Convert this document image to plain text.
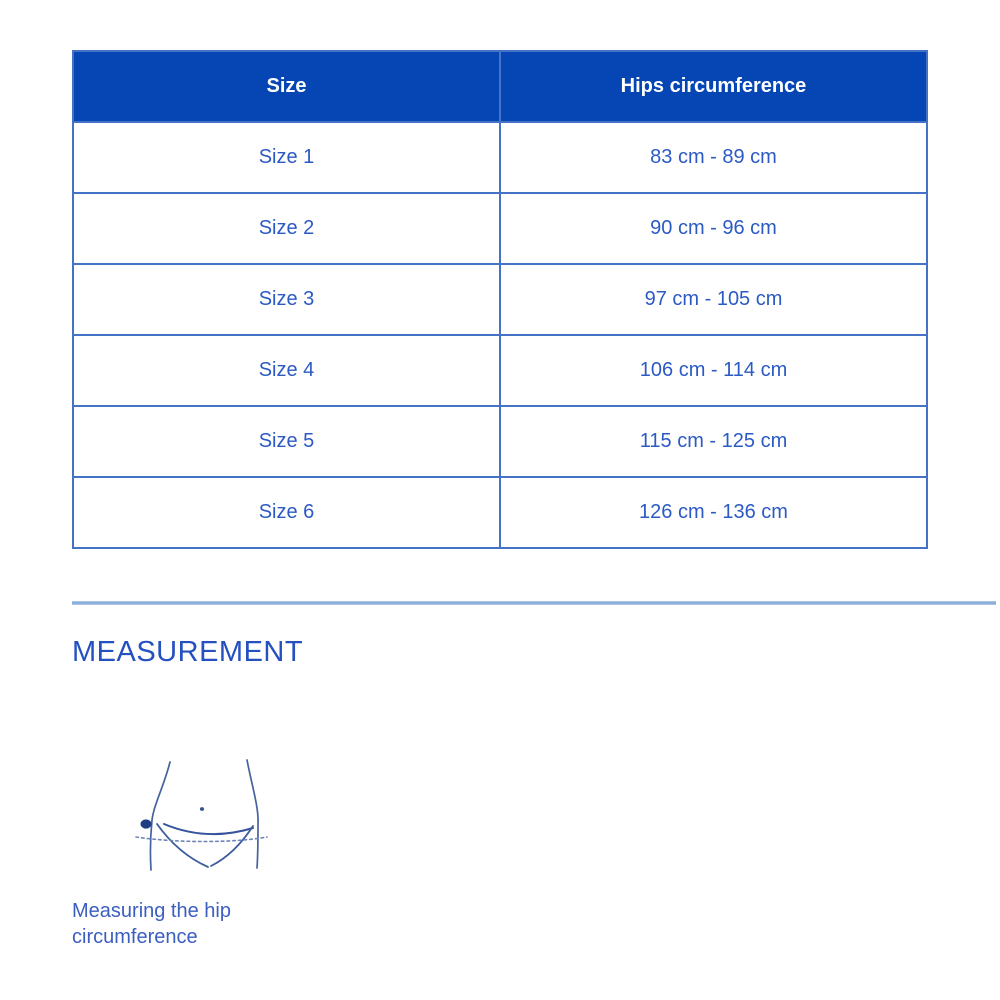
Size	Hips circumference
Size 1	83 cm - 89 cm
Size 2	90 cm - 96 cm
Size 3	97 cm - 105 cm
Size 4	106 cm - 114 cm
Size 5	115 cm - 125 cm
Size 6	126 cm - 136 cm
MEASUREMENT
Measuring the hip circumference
